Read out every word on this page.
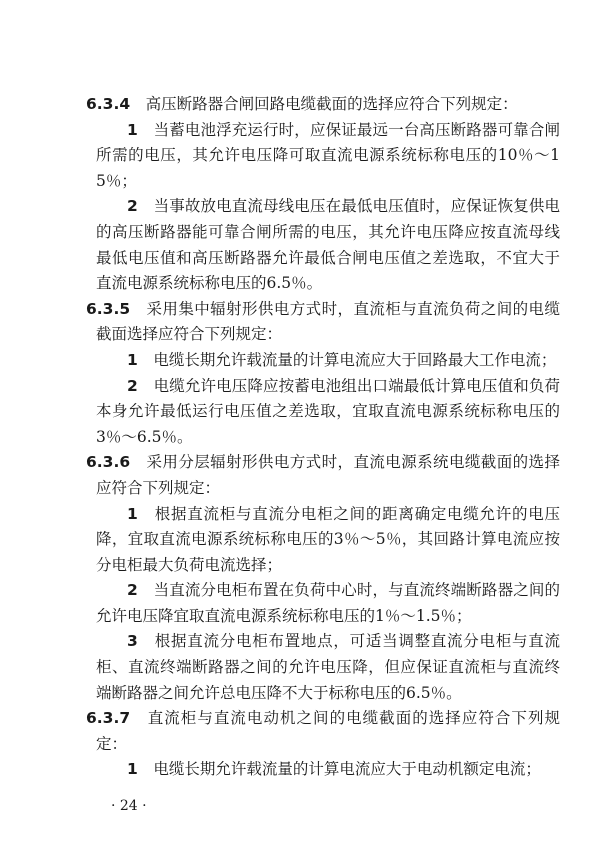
6.3.4　 高压断路器合闸回路电缆截面的选择应符合下列规定：

1　 当蓄电池浮充运行时，应保证最远一台高压断路器可靠合闸所需的电压，其允许电压降可取直流电源系统标称电压的10％～15％；

2　 当事故放电直流母线电压在最低电压值时，应保证恢复供电的高压断路器能可靠合闸所需的电压，其允许电压降应按直流母线最低电压值和高压断路器允许最低合闸电压值之差选取，不宜大于直流电源系统标称电压的6.5％。

6.3.5　 采用集中辐射形供电方式时，直流柜与直流负荷之间的电缆截面选择应符合下列规定：

1　 电缆长期允许载流量的计算电流应大于回路最大工作电流；

2　 电缆允许电压降应按蓄电池组出口端最低计算电压值和负荷本身允许最低运行电压值之差选取，宜取直流电源系统标称电压的3％～6.5％。

6.3.6　 采用分层辐射形供电方式时，直流电源系统电缆截面的选择应符合下列规定：

1　 根据直流柜与直流分电柜之间的距离确定电缆允许的电压降，宜取直流电源系统标称电压的3％～5％，其回路计算电流应按分电柜最大负荷电流选择；

2　 当直流分电柜布置在负荷中心时，与直流终端断路器之间的允许电压降宜取直流电源系统标称电压的1％～1.5％；

3　 根据直流分电柜布置地点，可适当调整直流分电柜与直流柜、直流终端断路器之间的允许电压降，但应保证直流柜与直流终端断路器之间允许总电压降不大于标称电压的6.5％。

6.3.7　 直流柜与直流电动机之间的电缆截面的选择应符合下列规定：

1　 电缆长期允许载流量的计算电流应大于电动机额定电流；

· 24 ·
